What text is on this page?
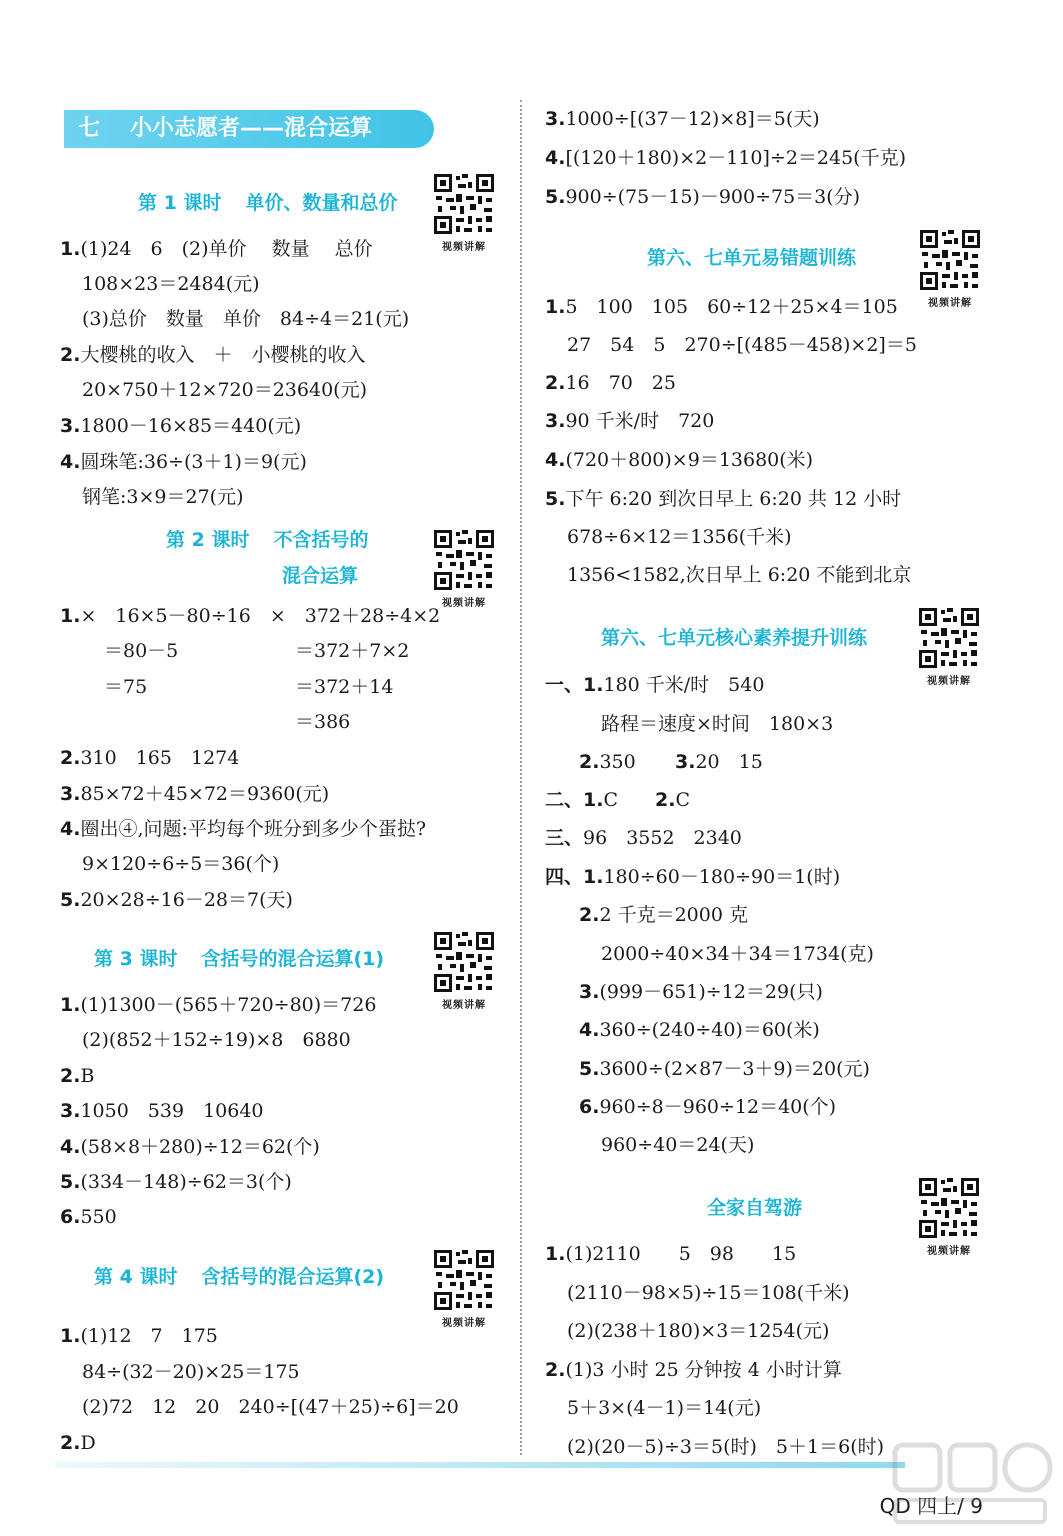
七 小小志愿者——混合运算
第 1 课时 单价、数量和总价
视频讲解
1.(1)24　6　(2)单价　 数量　 总价
108×23＝2484(元)
(3)总价　数量　单价　84÷4＝21(元)
2.大樱桃的收入　＋　小樱桃的收入
20×750＋12×720＝23640(元)
3.1800－16×85＝440(元)
4.圆珠笔:36÷(3＋1)＝9(元)
钢笔:3×9＝27(元)
第 2 课时 不含括号的
混合运算
视频讲解
1.×　16×5－80÷16　×　372＋28÷4×2
＝80－5	＝372＋7×2
＝75	＝372＋14
＝386
2.310　165　1274
3.85×72＋45×72＝9360(元)
4.圈出④,问题:平均每个班分到多少个蛋挞?
9×120÷6÷5＝36(个)
5.20×28÷16－28＝7(天)
第 3 课时 含括号的混合运算(1)
视频讲解
1.(1)1300－(565＋720÷80)＝726
(2)(852＋152÷19)×8　6880
2.B
3.1050　539　10640
4.(58×8＋280)÷12＝62(个)
5.(334－148)÷62＝3(个)
6.550
第 4 课时 含括号的混合运算(2)
视频讲解
1.(1)12　7　175
84÷(32－20)×25＝175
(2)72　12　20　240÷[(47＋25)÷6]＝20
2.D
3.1000÷[(37－12)×8]＝5(天)
4.[(120＋180)×2－110]÷2＝245(千克)
5.900÷(75－15)－900÷75＝3(分)
第六、七单元易错题训练
视频讲解
1.5　100　105　60÷12＋25×4＝105
27　54　5　270÷[(485－458)×2]＝5
2.16　70　25
3.90 千米/时　720
4.(720＋800)×9＝13680(米)
5.下午 6:20 到次日早上 6:20 共 12 小时
678÷6×12＝1356(千米)
1356<1582,次日早上 6:20 不能到北京
第六、七单元核心素养提升训练
视频讲解
一、1.180 千米/时　540
路程＝速度×时间　180×3
2.350 3.20　15
二、1.C 2.C
三、96　3552　2340
四、1.180÷60－180÷90＝1(时)
2.2 千克＝2000 克
2000÷40×34＋34＝1734(克)
3.(999－651)÷12＝29(只)
4.360÷(240÷40)＝60(米)
5.3600÷(2×87－3＋9)＝20(元)
6.960÷8－960÷12＝40(个)
960÷40＝24(天)
全家自驾游
视频讲解
1.(1)2110　　5　98　　15
(2110－98×5)÷15＝108(千米)
(2)(238＋180)×3＝1254(元)
2.(1)3 小时 25 分钟按 4 小时计算
5＋3×(4－1)＝14(元)
(2)(20－5)÷3＝5(时)　5＋1＝6(时)
QD 四上/ 9
